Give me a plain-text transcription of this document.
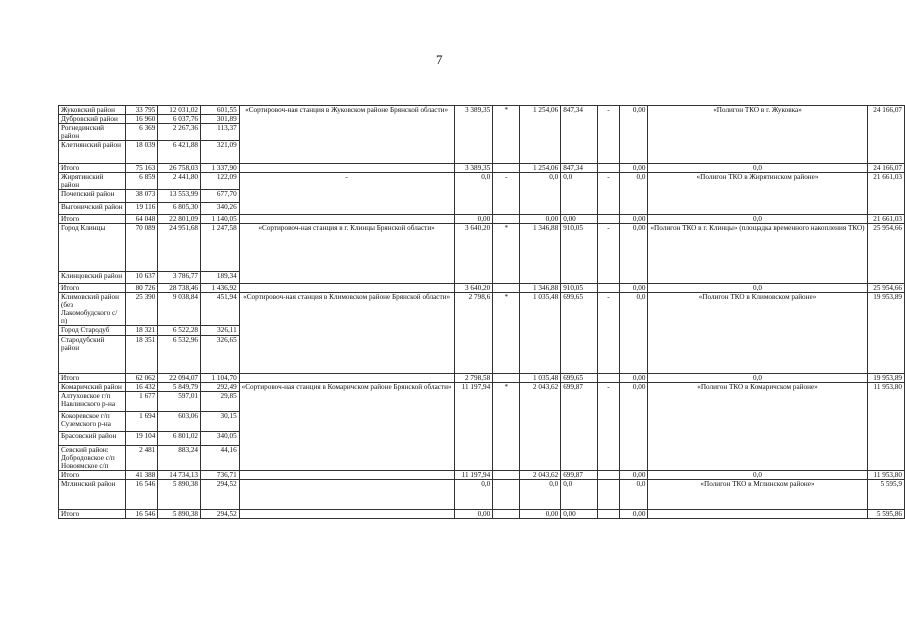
7
Жуковский район	33 795	12 031,02	601,55	«Сортировоч-ная станция в Жуковском районе Брянской области»	3 389,35	*	1 254,06	847,34	-	0,00	«Полигон ТКО в г. Жуковка»	24 166,07
Дубровский район	16 960	6 037,76	301,89									
Рогнединский район	6 369	2 267,36	113,37									
Клетнянский район	18 039	6 421,88	321,09									
Итого	75 163	26 758,03	1 337,90		3 389,35		1 254,06	847,34		0,00	0,0	24 166,07
Жирятинский район	6 859	2 441,80	122,09	-	0,0	-	0,0	0,0	-	0,0	«Полигон ТКО в Жирятинском районе»	21 661,03
Почепский район	38 073	13 553,99	677,70									
Выгоничский район	19 116	6 805,30	340,26									
Итого	64 048	22 801,09	1 140,05		0,00		0,00	0,00		0,00	0,0	21 661,03
Город Клинцы	70 089	24 951,68	1 247,58	«Сортировоч-ная станция в г. Клинцы Брянской области»	3 640,20	*	1 346,88	910,05	-	0,00	«Полигон ТКО в г. Клинцы» (площадка временного накопления ТКО)	25 954,66
Клинцовский район	10 637	3 786,77	189,34									
Итого	80 726	28 738,46	1 436,92		3 640,20		1 346,88	910,05		0,00	0,0	25 954,66
Климовский район (без Лакомобудского с/п)	25 390	9 038,84	451,94	«Сортировоч-ная станция в Климовском районе Брянской области»	2 798,6	*	1 035,48	699,65	-	0,0	«Полигон ТКО в Климовском районе»	19 953,89
Город Стародуб	18 321	6 522,28	326,11									
Стародубский район	18 351	6 532,96	326,65									
Итого	62 062	22 094,07	1 104,70		2 798,58		1 035,48	699,65		0,00	0,0	19 953,89
Комаричский район	16 432	5 849,79	292,49	«Сортировоч-ная станция в Комаричском районе Брянской области»	11 197,94	*	2 043,62	699,87	-	0,00	«Полигон ТКО в Комаричском районе»	11 953,80
Алтуховское г/п Навлинского р-на	1 677	597,01	29,85									
Кокоревское г/п Суземского р-на	1 694	603,06	30,15									
Брасовский район	19 104	6 801,02	340,05									
Севский район: Добродовское с/п Новоямское с/п	2 481	883,24	44,16									
Итого	41 388	14 734,13	736,71		11 197,94		2 043,62	699,87		0,00	0,0	11 953,80
Мглинский район	16 546	5 890,38	294,52		0,0		0,0	0,0		0,0	«Полигон ТКО в Мглинском районе»	5 595,9
Итого	16 546	5 890,38	294,52		0,00		0,00	0,00		0,00		5 595,86
